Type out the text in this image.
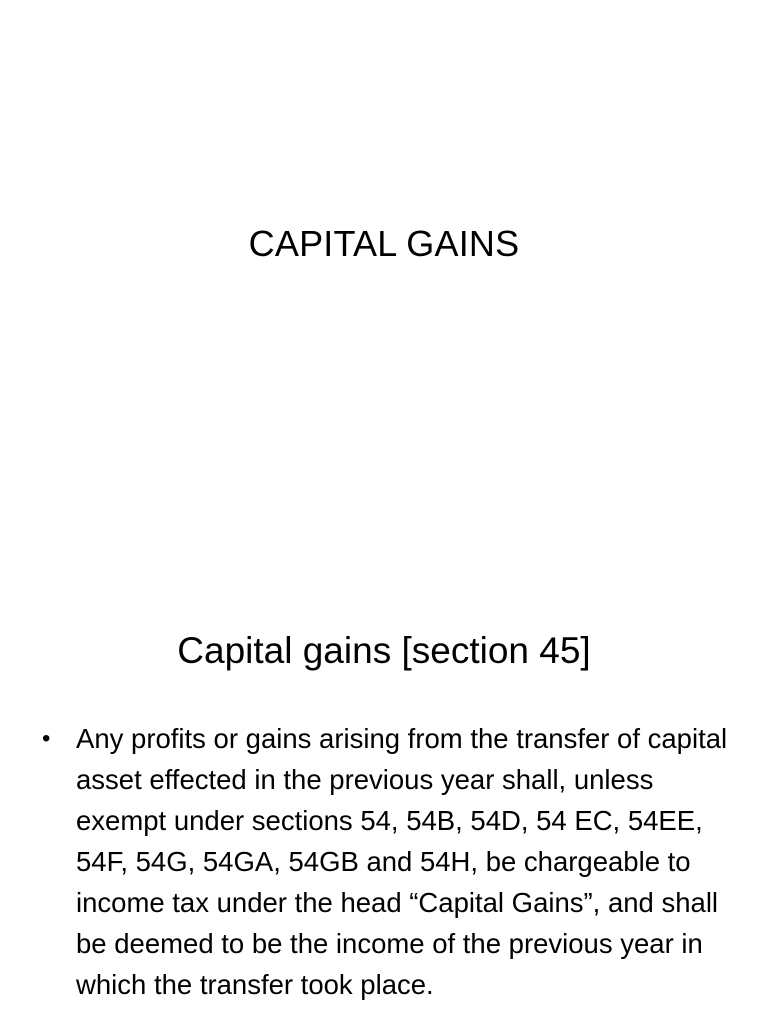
CAPITAL GAINS
Capital gains [section 45]
• Any profits or gains arising from the transfer of capital asset effected in the previous year shall, unless exempt under sections 54, 54B, 54D, 54 EC, 54EE, 54F, 54G, 54GA, 54GB and 54H, be chargeable to income tax under the head “Capital Gains”, and shall be deemed to be the income of the previous year in which the transfer took place.
